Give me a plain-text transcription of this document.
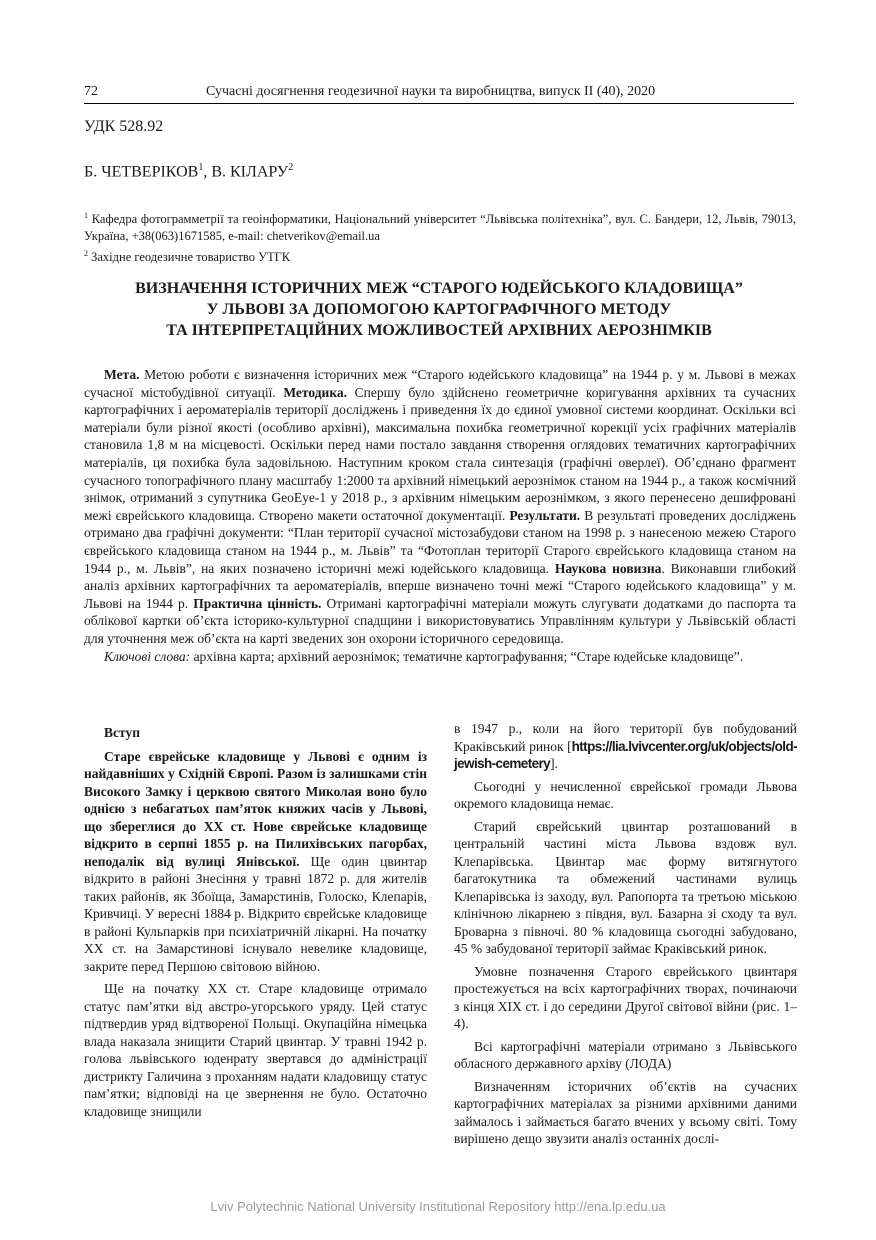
72	Сучасні досягнення геодезичної науки та виробництва, випуск ІІ (40), 2020
УДК 528.92
Б. ЧЕТВЕРІКОВ$^1$, В. КІЛАРУ$^2$
$^1$ Кафедра фотограмметрії та геоінформатики, Національний університет “Львівська політехніка”, вул. С. Бандери, 12, Львів, 79013, Україна, +38(063)1671585, e-mail: chetverikov@email.ua
$^2$ Західне геодезичне товариство УТГК
ВИЗНАЧЕННЯ ІСТОРИЧНИХ МЕЖ “СТАРОГО ЮДЕЙСЬКОГО КЛАДОВИЩА”
У ЛЬВОВІ ЗА ДОПОМОГОЮ КАРТОГРАФІЧНОГО МЕТОДУ
ТА ІНТЕРПРЕТАЦІЙНИХ МОЖЛИВОСТЕЙ АРХІВНИХ АЕРОЗНІМКІВ

Мета. Метою роботи є визначення історичних меж “Старого юдейського кладовища” на 1944 р. у м. Львові в межах сучасної містобудівної ситуації. Методика. Спершу було здійснено геометричне коригування архівних та сучасних картографічних і аероматеріалів території досліджень і приведення їх до єдиної умовної системи координат. Оскільки всі матеріали були різної якості (особливо архівні), максимальна похибка геометричної корекції усіх графічних матеріалів становила 1,8 м на місцевості. Оскільки перед нами постало завдання створення оглядових тематичних картографічних матеріалів, ця похибка була задовільною. Наступним кроком стала синтезація (графічні оверлеї). Об’єднано фрагмент сучасного топографічного плану масштабу 1:2000 та архівний німецький аерознімок станом на 1944 р., а також космічний знімок, отриманий з супутника GeoEye-1 у 2018 р., з архівним німецьким аерознімком, з якого перенесено дешифровані межі єврейського кладовища. Створено макети остаточної документації. Результати. В результаті проведених досліджень отримано два графічні документи: “План території сучасної містозабудови станом на 1998 р. з нанесеною межею Старого єврейського кладовища станом на 1944 р., м. Львів” та “Фотоплан території Старого єврейського кладовища станом на 1944 р., м. Львів”, на яких позначено історичні межі юдейського кладовища. Наукова новизна. Виконавши глибокий аналіз архівних картографічних та аероматеріалів, вперше визначено точні межі “Старого юдейського кладовища” у м. Львові на 1944 р. Практична цінність. Отримані картографічні матеріали можуть слугувати додатками до паспорта та облікової картки об’єкта історико-культурної спадщини і використовуватись Управлінням культури у Львівській області для уточнення меж об’єкта на карті зведених зон охорони історичного середовища.

Ключові слова: архівна карта; архівний аерознімок; тематичне картографування; “Старе юдейське кладовище”.

Вступ

Старе єврейське кладовище у Львові є одним із найдавніших у Східній Європі. Разом із залишками стін Високого Замку і церквою святого Миколая воно було однією з небагатьох пам’яток княжих часів у Львові, що збереглися до ХХ ст. Нове єврейське кладовище відкрито в серпні 1855 р. на Пилихівських пагорбах, неподалік від вулиці Янівської. Ще один цвинтар відкрито в районі Знесіння у травні 1872 р. для жителів таких районів, як Збоїща, Замарстинів, Голоско, Клепарів, Кривчиці. У вересні 1884 р. Відкрито єврейське кладовище в районі Кульпарків при психіатричній лікарні. На початку ХХ ст. на Замарстинові існувало невелике кладовище, закрите перед Першою світовою війною.

Ще на початку ХХ ст. Старе кладовище отримало статус пам’ятки від австро-угорського уряду. Цей статус підтвердив уряд відтвореної Польщі. Окупаційна німецька влада наказала знищити Старий цвинтар. У травні 1942 р. голова львівського юденрату звертався до адміністрації дистрикту Галичина з проханням надати кладовищу статус пам’ятки; відповіді на це звернення не було. Остаточно кладовище знищили

в 1947 р., коли на його території був побудований Краківський ринок [https://lia.lvivcenter.org/uk/objects/old-jewish-cemetery].

Сьогодні у нечисленної єврейської громади Львова окремого кладовища немає.

Старий єврейський цвинтар розташований в центральній частині міста Львова вздовж вул. Клепарівська. Цвинтар має форму витягнутого багатокутника та обмежений частинами вулиць Клепарівська із заходу, вул. Рапопорта та третьою міською клінічною лікарнею з півдня, вул. Базарна зі сходу та вул. Броварна з півночі. 80 % кладовища сьогодні забудовано, 45 % забудованої території займає Краківський ринок.

Умовне позначення Старого єврейського цвинтаря простежується на всіх картографічних творах, починаючи з кінця ХІХ ст. і до середини Другої світової війни (рис. 1–4).

Всі картографічні матеріали отримано з Львівського обласного державного архіву (ЛОДА)

Визначенням історичних об’єктів на сучасних картографічних матеріалах за різними архівними даними займалось і займається багато вчених у всьому світі. Тому вирішено дещо звузити аналіз останніх дослі-

Lviv Polytechnic National University Institutional Repository http://ena.lp.edu.ua
